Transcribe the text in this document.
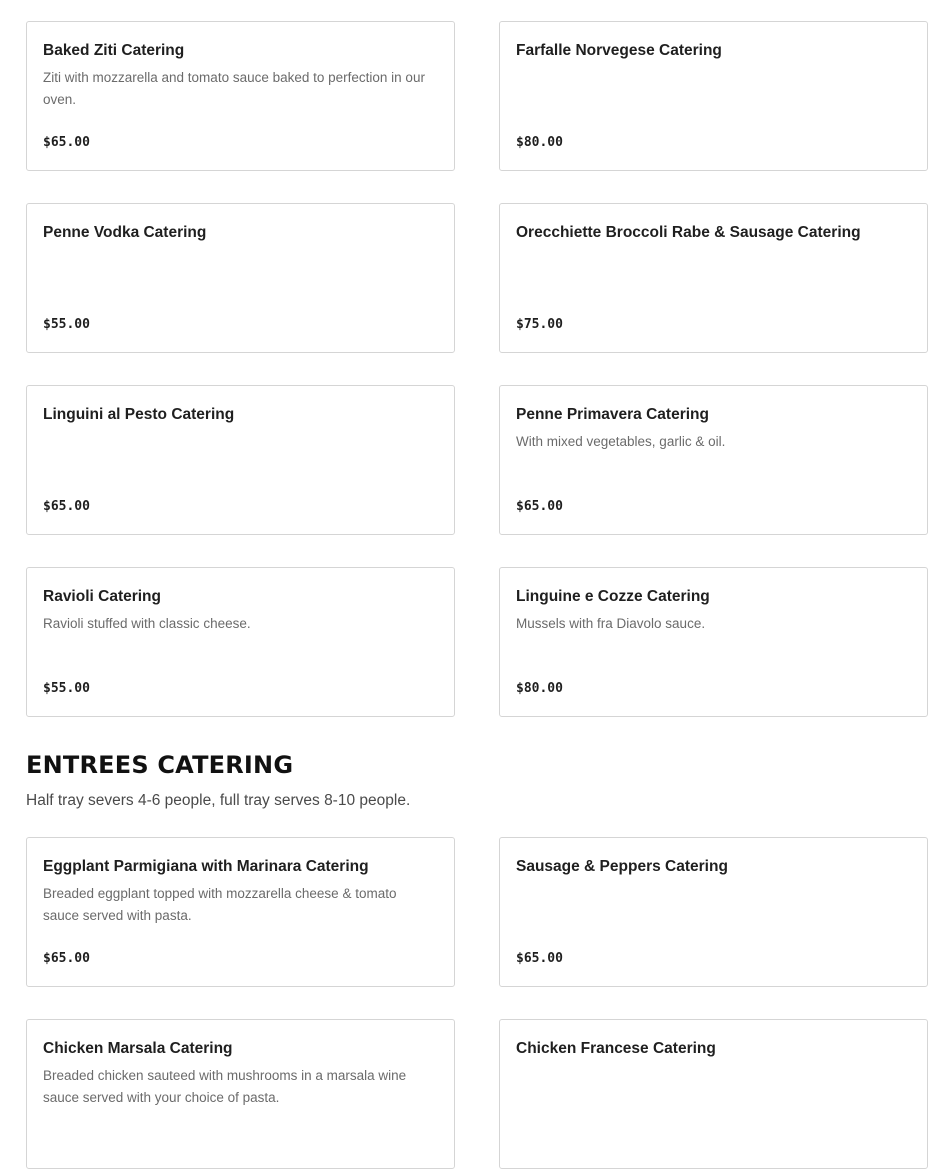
Baked Ziti Catering
Ziti with mozzarella and tomato sauce baked to perfection in our oven.
$65.00
Farfalle Norvegese Catering
$80.00
Penne Vodka Catering
$55.00
Orecchiette Broccoli Rabe & Sausage Catering
$75.00
Linguini al Pesto Catering
$65.00
Penne Primavera Catering
With mixed vegetables, garlic & oil.
$65.00
Ravioli Catering
Ravioli stuffed with classic cheese.
$55.00
Linguine e Cozze Catering
Mussels with fra Diavolo sauce.
$80.00
ENTREES CATERING

Half tray severs 4-6 people, full tray serves 8-10 people.

Eggplant Parmigiana with Marinara Catering
Breaded eggplant topped with mozzarella cheese & tomato sauce served with pasta.
$65.00
Sausage & Peppers Catering
$65.00
Chicken Marsala Catering
Breaded chicken sauteed with mushrooms in a marsala wine sauce served with your choice of pasta.
Chicken Francese Catering
